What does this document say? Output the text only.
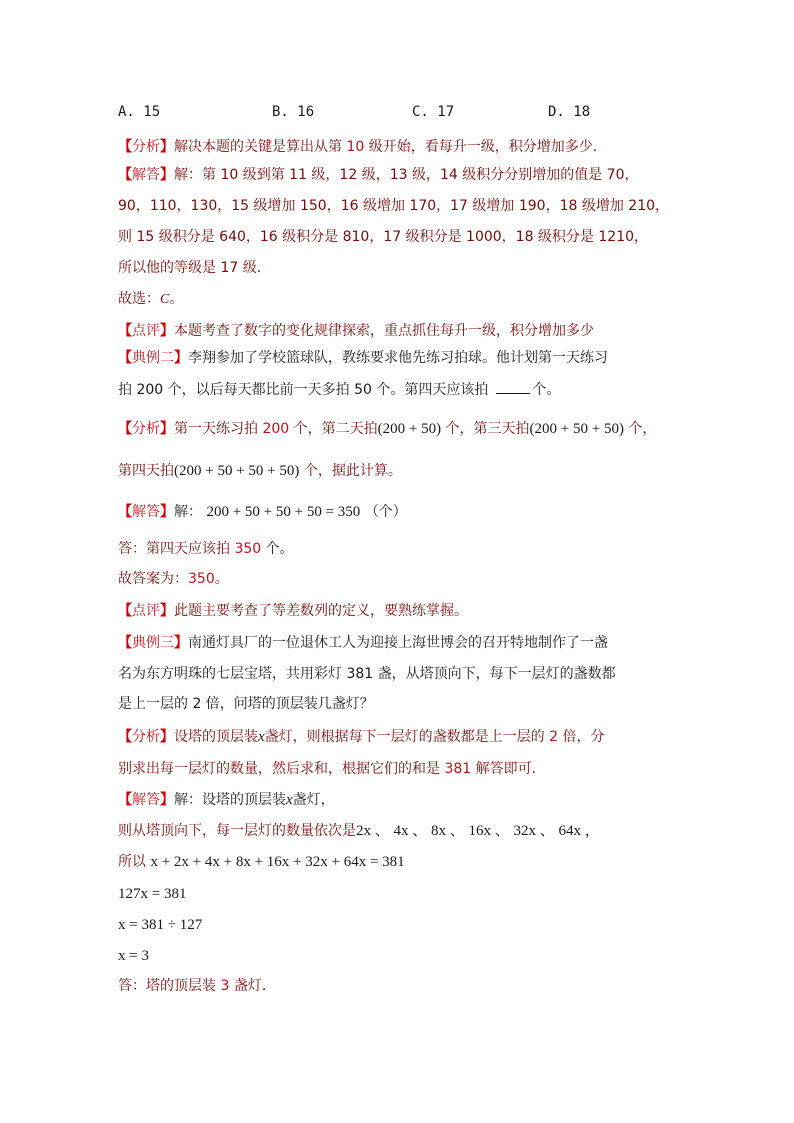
A. 15	B. 16	C. 17	D. 18
【分析】解决本题的关键是算出从第 10 级开始，看每升一级，积分增加多少．
【解答】解：第 10 级到第 11 级，12 级，13 级，14 级积分分别增加的值是 70，
90，110，130，15 级增加 150，16 级增加 170，17 级增加 190，18 级增加 210，
则 15 级积分是 640，16 级积分是 810，17 级积分是 1000，18 级积分是 1210，
所以他的等级是 17 级．
故选：C。
【点评】本题考查了数字的变化规律探索，重点抓住每升一级，积分增加多少
【典例二】李翔参加了学校篮球队，教练要求他先练习拍球。他计划第一天练习
拍 200 个，以后每天都比前一天多拍 50 个。第四天应该拍	个。
【分析】第一天练习拍 200 个，第二天拍(200 + 50) 个，第三天拍(200 + 50 + 50) 个，
第四天拍(200 + 50 + 50 + 50) 个，据此计算。
【解答】解： 200 + 50 + 50 + 50 = 350 （个）
答：第四天应该拍 350 个。
故答案为：350。
【点评】此题主要考查了等差数列的定义，要熟练掌握。
【典例三】南通灯具厂的一位退休工人为迎接上海世博会的召开特地制作了一盏
名为东方明珠的七层宝塔，共用彩灯 381 盏，从塔顶向下，每下一层灯的盏数都
是上一层的 2 倍，问塔的顶层装几盏灯？
【分析】设塔的顶层装x盏灯，则根据每下一层灯的盏数都是上一层的 2 倍，分
别求出每一层灯的数量，然后求和，根据它们的和是 381 解答即可．
【解答】解：设塔的顶层装x盏灯，
则从塔顶向下，每一层灯的数量依次是2x 、 4x 、 8x 、 16x 、 32x 、 64x ，
所以 x + 2x + 4x + 8x + 16x + 32x + 64x = 381
127x = 381
x = 381 ÷ 127
x = 3
答：塔的顶层装 3 盏灯．
